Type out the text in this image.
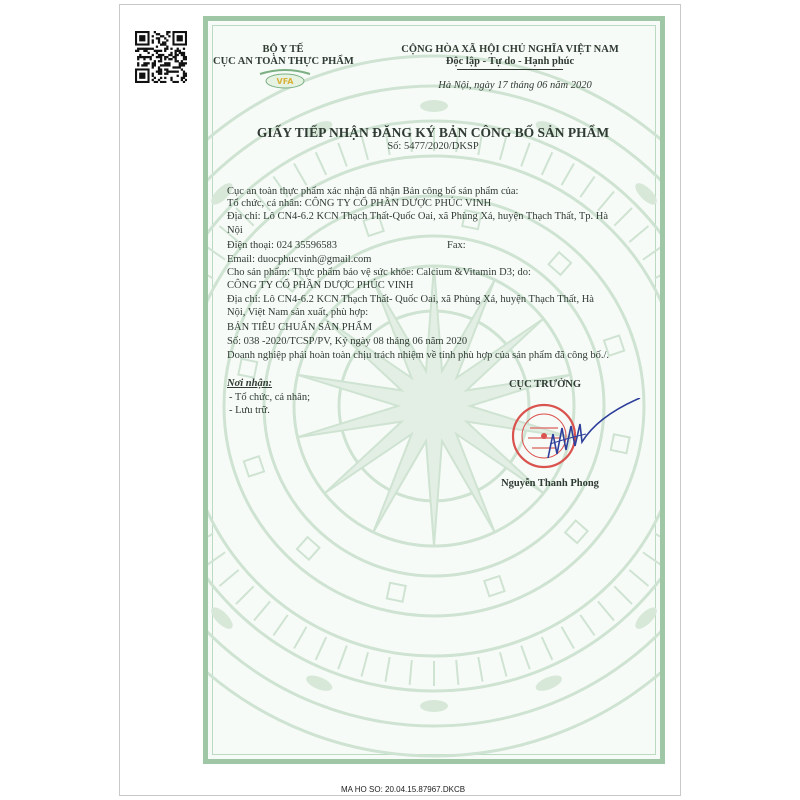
BỘ Y TẾ
CỤC AN TOÀN THỰC PHẨM
VFA
CỘNG HÒA XÃ HỘI CHỦ NGHĨA VIỆT NAM
Độc lập - Tự do - Hạnh phúc
Hà Nội, ngày 17 tháng 06 năm 2020
GIẤY TIẾP NHẬN ĐĂNG KÝ BẢN CÔNG BỐ SẢN PHẨM
Số: 5477/2020/DKSP
Cục an toàn thực phẩm xác nhận đã nhận Bản công bố sản phẩm của:
Tổ chức, cá nhân: CÔNG TY CỔ PHẦN DƯỢC PHÚC VINH
Địa chỉ: Lô CN4-6.2 KCN Thạch Thất-Quốc Oai, xã Phùng Xá, huyện Thạch Thất, Tp. Hà
Nội
Điện thoại: 024 35596583	Fax:
Email: duocphucvinh@gmail.com
Cho sản phẩm: Thực phẩm bảo vệ sức khỏe: Calcium &Vitamin D3; do:
CÔNG TY CỔ PHẦN DƯỢC PHÚC VINH
Địa chỉ: Lô CN4-6.2 KCN Thạch Thất- Quốc Oai, xã Phùng Xá, huyện Thạch Thất, Hà
Nội, Việt Nam sản xuất, phù hợp:
BẢN TIÊU CHUẨN SẢN PHẨM
Số: 038 -2020/TCSP/PV, Ký ngày 08 tháng 06 năm 2020
Doanh nghiệp phải hoàn toàn chịu trách nhiệm về tính phù hợp của sản phẩm đã công bố./.
Nơi nhận:
- Tổ chức, cá nhân;
- Lưu trữ.
CỤC TRƯỞNG
Nguyễn Thanh Phong
MA HO SO: 20.04.15.87967.DKCB
